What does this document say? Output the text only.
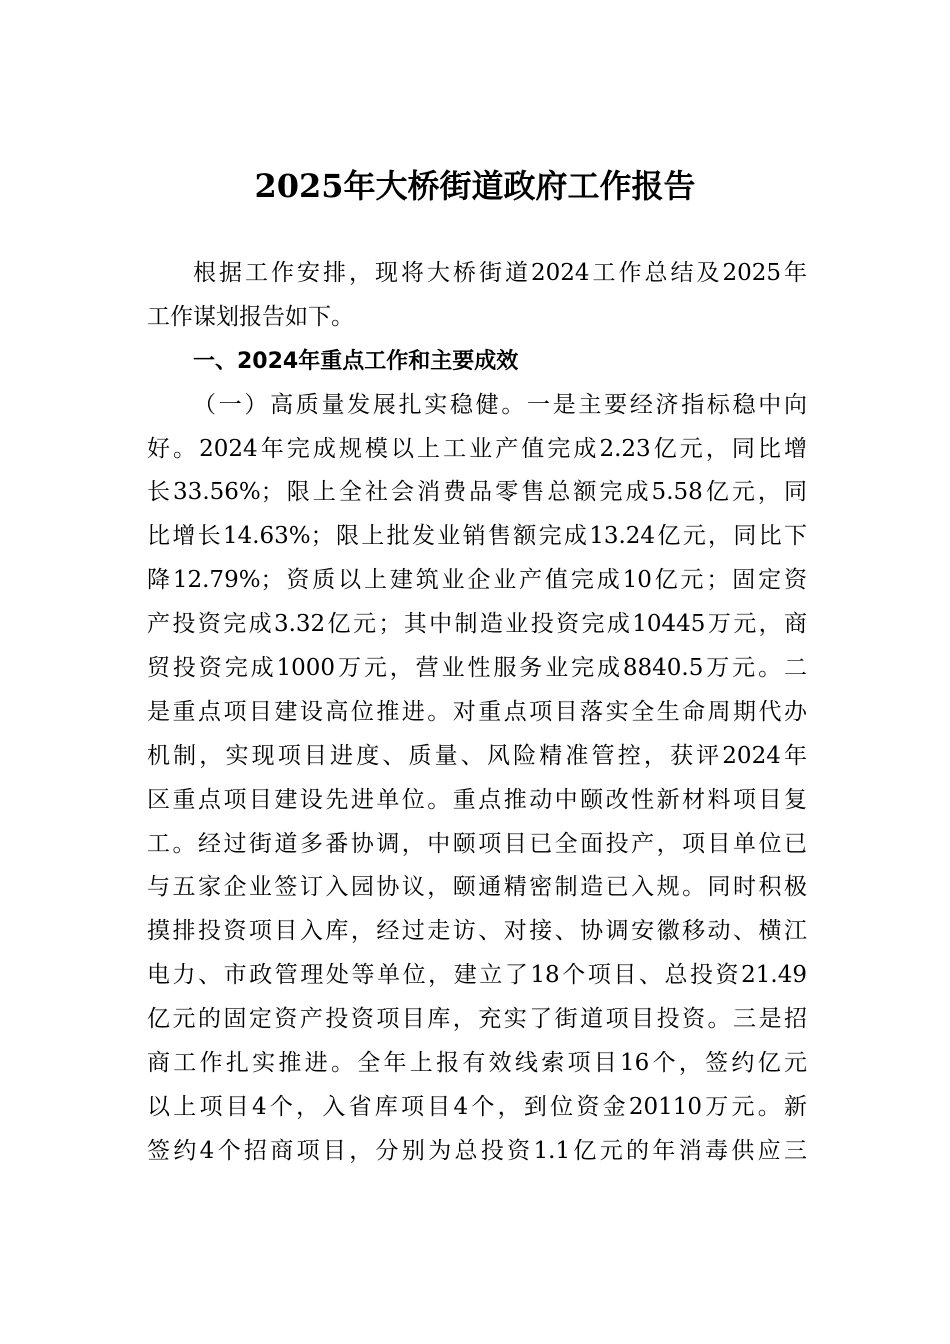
2025年大桥街道政府工作报告
根据工作安排，现将大桥街道2024工作总结及2025年
工作谋划报告如下。
一、2024年重点工作和主要成效
（一）高质量发展扎实稳健。一是主要经济指标稳中向
好。2024年完成规模以上工业产值完成2.23亿元，同比增
长33.56%；限上全社会消费品零售总额完成5.58亿元，同
比增长14.63%；限上批发业销售额完成13.24亿元，同比下
降12.79%；资质以上建筑业企业产值完成10亿元；固定资
产投资完成3.32亿元；其中制造业投资完成10445万元，商
贸投资完成1000万元，营业性服务业完成8840.5万元。二
是重点项目建设高位推进。对重点项目落实全生命周期代办
机制，实现项目进度、质量、风险精准管控，获评2024年
区重点项目建设先进单位。重点推动中颐改性新材料项目复
工。经过街道多番协调，中颐项目已全面投产，项目单位已
与五家企业签订入园协议，颐通精密制造已入规。同时积极
摸排投资项目入库，经过走访、对接、协调安徽移动、横江
电力、市政管理处等单位，建立了18个项目、总投资21.49
亿元的固定资产投资项目库，充实了街道项目投资。三是招
商工作扎实推进。全年上报有效线索项目16个，签约亿元
以上项目4个，入省库项目4个，到位资金20110万元。新
签约4个招商项目，分别为总投资1.1亿元的年消毒供应三
